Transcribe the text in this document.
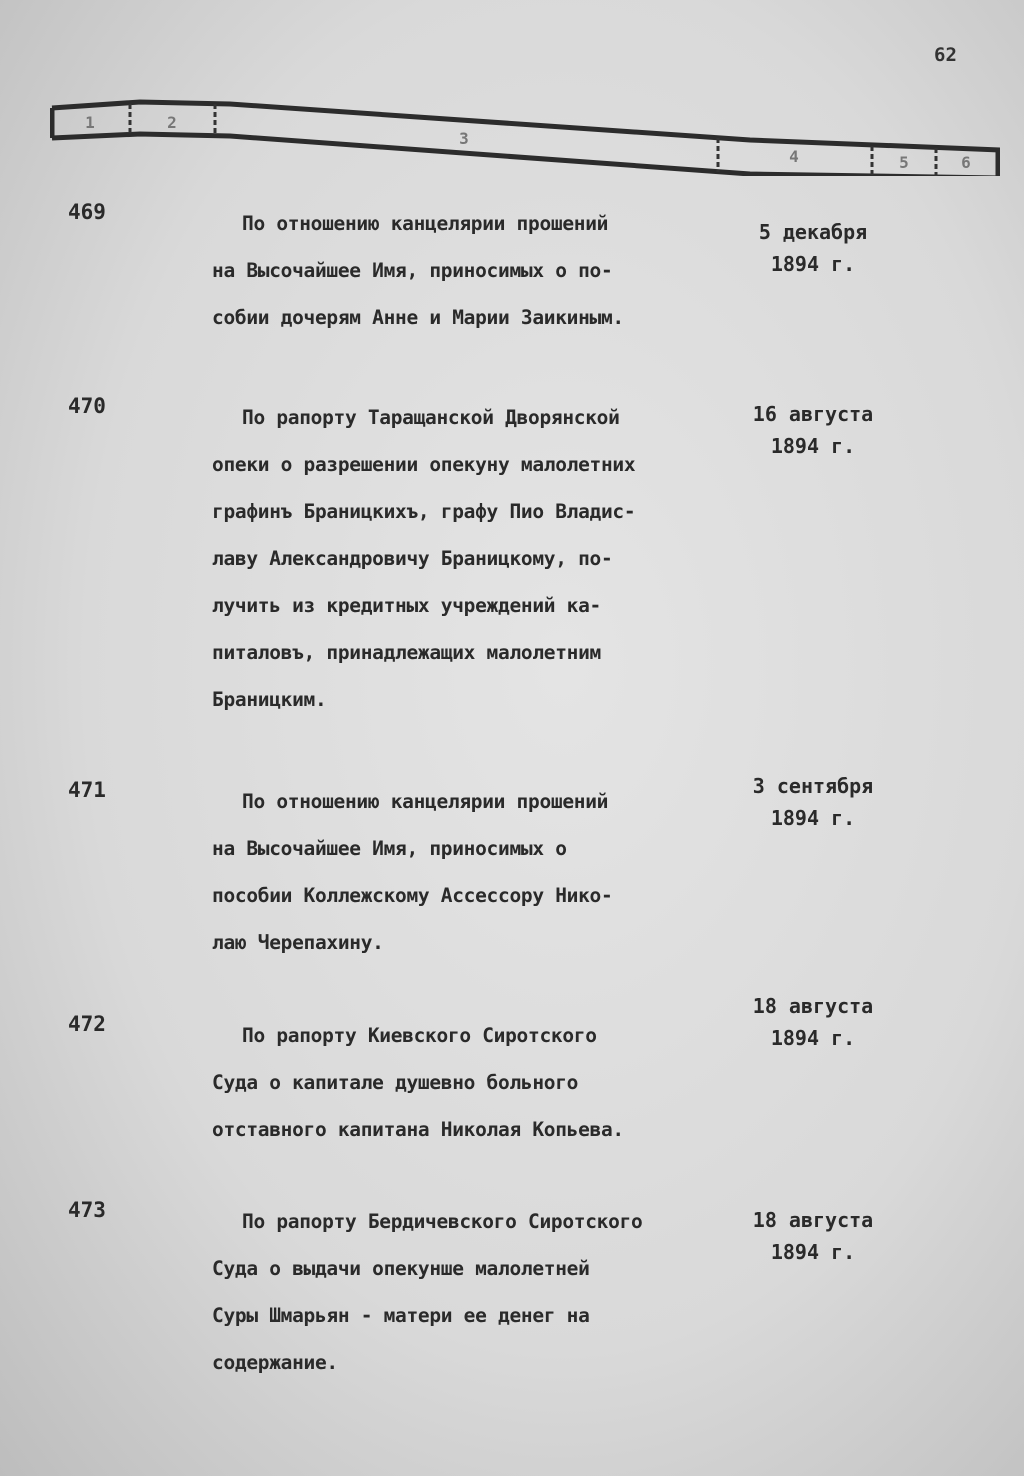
62
1	2
3
4	5	6
469	По отношению канцелярии прошений
на Высочайшее Имя, приносимых о по-
собии дочерям Анне и Марии Заикиным.
5 декабря
1894 г.
470	По рапорту Таращанской Дворянской
опеки о разрешении опекуну малолетних
графинъ Браницкихъ, графу Пио Владис-
лаву Александровичу Браницкому, по-
лучить из кредитных учреждений ка-
питаловъ, принадлежащих малолетним
Браницким.
16 августа
1894 г.
471	По отношению канцелярии прошений
на Высочайшее Имя, приносимых о
пособии Коллежскому Ассессору Нико-
лаю Черепахину.
3 сентября
1894 г.
472	По рапорту Киевского Сиротского
Суда о капитале душевно больного
отставного капитана Николая Копьева.
18 августа
1894 г.
473	По рапорту Бердичевского Сиротского
Суда о выдачи опекунше малолетней
Суры Шмарьян - матери ее денег на
содержание.
18 августа
1894 г.
